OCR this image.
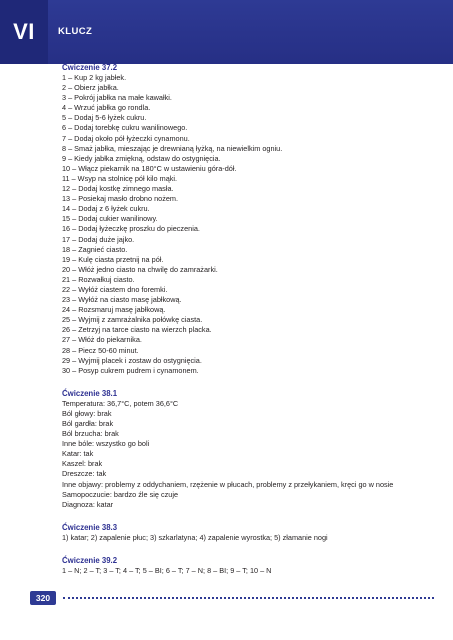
VI KLUCZ
Ćwiczenie 37.2
1 – Kup 2 kg jabłek.
2 – Obierz jabłka.
3 – Pokrój jabłka na małe kawałki.
4 – Wrzuć jabłka go rondla.
5 – Dodaj 5-6 łyżek cukru.
6 – Dodaj torebkę cukru wanilinowego.
7 – Dodaj około pół łyżeczki cynamonu.
8 – Smaż jabłka, mieszając je drewnianą łyżką, na niewielkim ogniu.
9 – Kiedy jabłka zmiękną, odstaw do ostygnięcia.
10 – Włącz piekarnik na 180°C w ustawieniu góra-dół.
11 – Wsyp na stolnicę pół kilo mąki.
12 – Dodaj kostkę zimnego masła.
13 – Posiekaj masło drobno nożem.
14 – Dodaj z 6 łyżek cukru.
15 – Dodaj cukier wanilinowy.
16 – Dodaj łyżeczkę proszku do pieczenia.
17 – Dodaj duże jajko.
18 – Zagnieć ciasto.
19 – Kulę ciasta przetnij na pół.
20 – Włóż jedno ciasto na chwilę do zamrażarki.
21 – Rozwałkuj ciasto.
22 – Wyłóż ciastem dno foremki.
23 – Wyłóż na ciasto masę jabłkową.
24 – Rozsmaruj masę jabłkową.
25 – Wyjmij z zamrażalnika połówkę ciasta.
26 – Zetrzyj na tarce ciasto na wierzch placka.
27 – Włóż do piekarnika.
28 – Piecz 50-60 minut.
29 – Wyjmij placek i zostaw do ostygnięcia.
30 – Posyp cukrem pudrem i cynamonem.
Ćwiczenie 38.1
Temperatura: 36,7°C, potem 36,6°C
Ból głowy: brak
Ból gardła: brak
Ból brzucha: brak
Inne bóle: wszystko go boli
Katar: tak
Kaszel: brak
Dreszcze: tak
Inne objawy: problemy z oddychaniem, rzężenie w płucach, problemy z przełykaniem, kręci go w nosie
Samopoczucie: bardzo źle się czuje
Diagnoza: katar
Ćwiczenie 38.3
1) katar; 2) zapalenie płuc; 3) szkarlatyna; 4) zapalenie wyrostka; 5) złamanie nogi
Ćwiczenie 39.2
1 – N; 2 – T; 3 – T; 4 – T; 5 – BI; 6 – T; 7 – N; 8 – BI; 9 – T; 10 – N
320
